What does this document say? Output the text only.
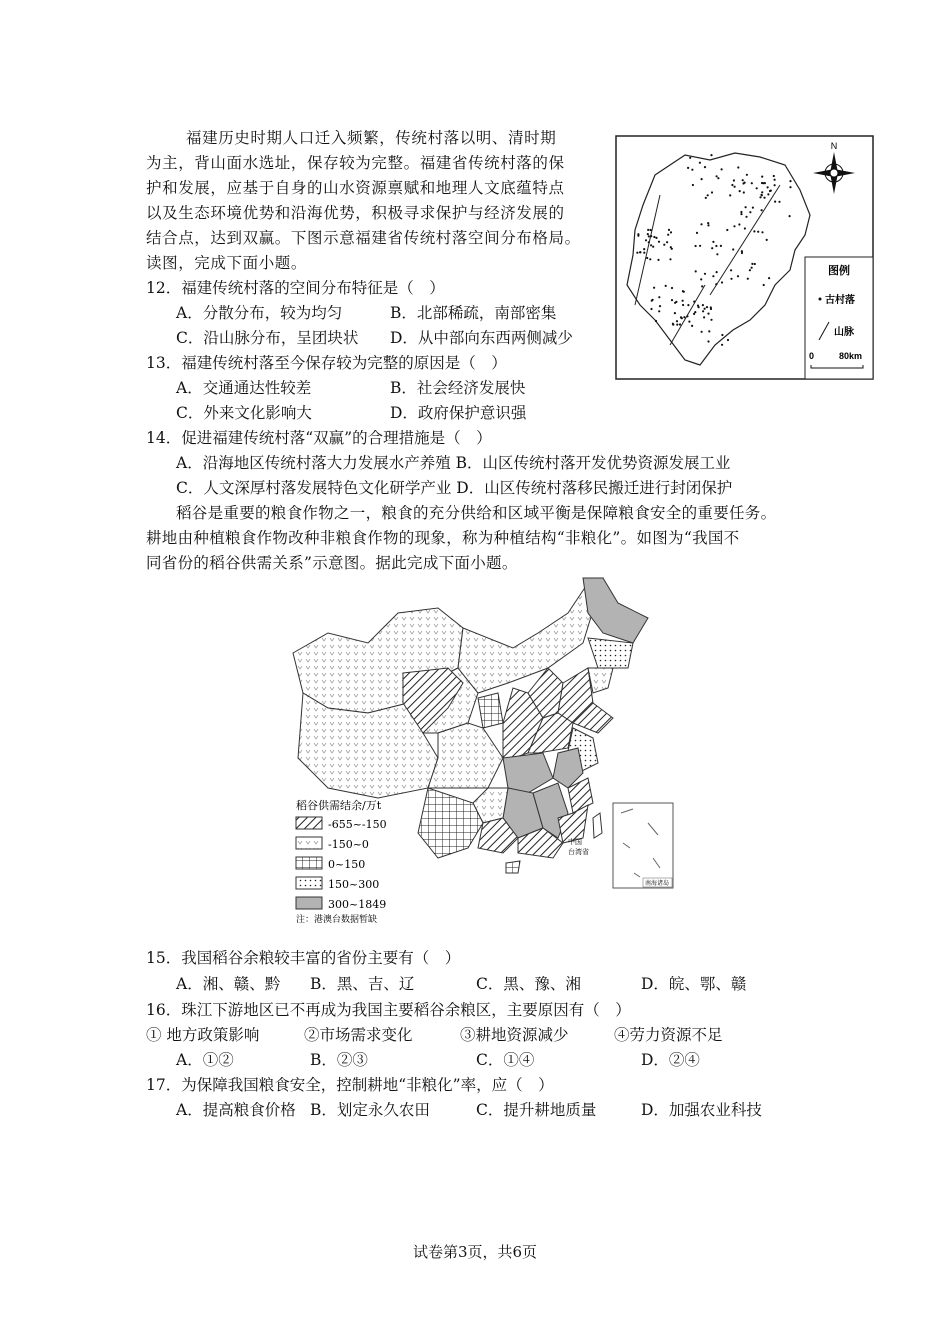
福建历史时期人口迁入频繁，传统村落以明、清时期
为主，背山面水选址，保存较为完整。福建省传统村落的保
护和发展，应基于自身的山水资源禀赋和地理人文底蕴特点
以及生态环境优势和沿海优势，积极寻求保护与经济发展的
结合点，达到双赢。下图示意福建省传统村落空间分布格局。
读图，完成下面小题。
12．福建传统村落的空间分布特征是（　）
A．分散分布，较为均匀	B．北部稀疏，南部密集
C．沿山脉分布，呈团块状 D．从中部向东西两侧减少
13．福建传统村落至今保存较为完整的原因是（　）
A．交通通达性较差	B．社会经济发展快
C．外来文化影响大	D．政府保护意识强
14．促进福建传统村落“双赢”的合理措施是（　）
A．沿海地区传统村落大力发展水产养殖 B．山区传统村落开发优势资源发展工业
C．人文深厚村落发展特色文化研学产业 D．山区传统村落移民搬迁进行封闭保护
稻谷是重要的粮食作物之一，粮食的充分供给和区域平衡是保障粮食安全的重要任务。
耕地由种植粮食作物改种非粮食作物的现象，称为种植结构“非粮化”。如图为“我国不
同省份的稻谷供需关系”示意图。据此完成下面小题。
N
图例
古村落
山脉
0	80km
中国
台湾省
南海诸岛
稻谷供需结余/万t
-655~-150
-150~0
0~150
150~300
300~1849
注：港澳台数据暂缺
15．我国稻谷余粮较丰富的省份主要有（　）
A．湘、赣、黔 B．黑、吉、辽	C．黑、豫、湘	D．皖、鄂、赣
16．珠江下游地区已不再成为我国主要稻谷余粮区，主要原因有（　）
① 地方政策影响	②市场需求变化	③耕地资源减少	④劳力资源不足
A．①②	B．②③	C．①④	D．②④
17．为保障我国粮食安全，控制耕地“非粮化”率，应（　）
A．提高粮食价格 B．划定永久农田	C．提升耕地质量	D．加强农业科技
试卷第3页，共6页
